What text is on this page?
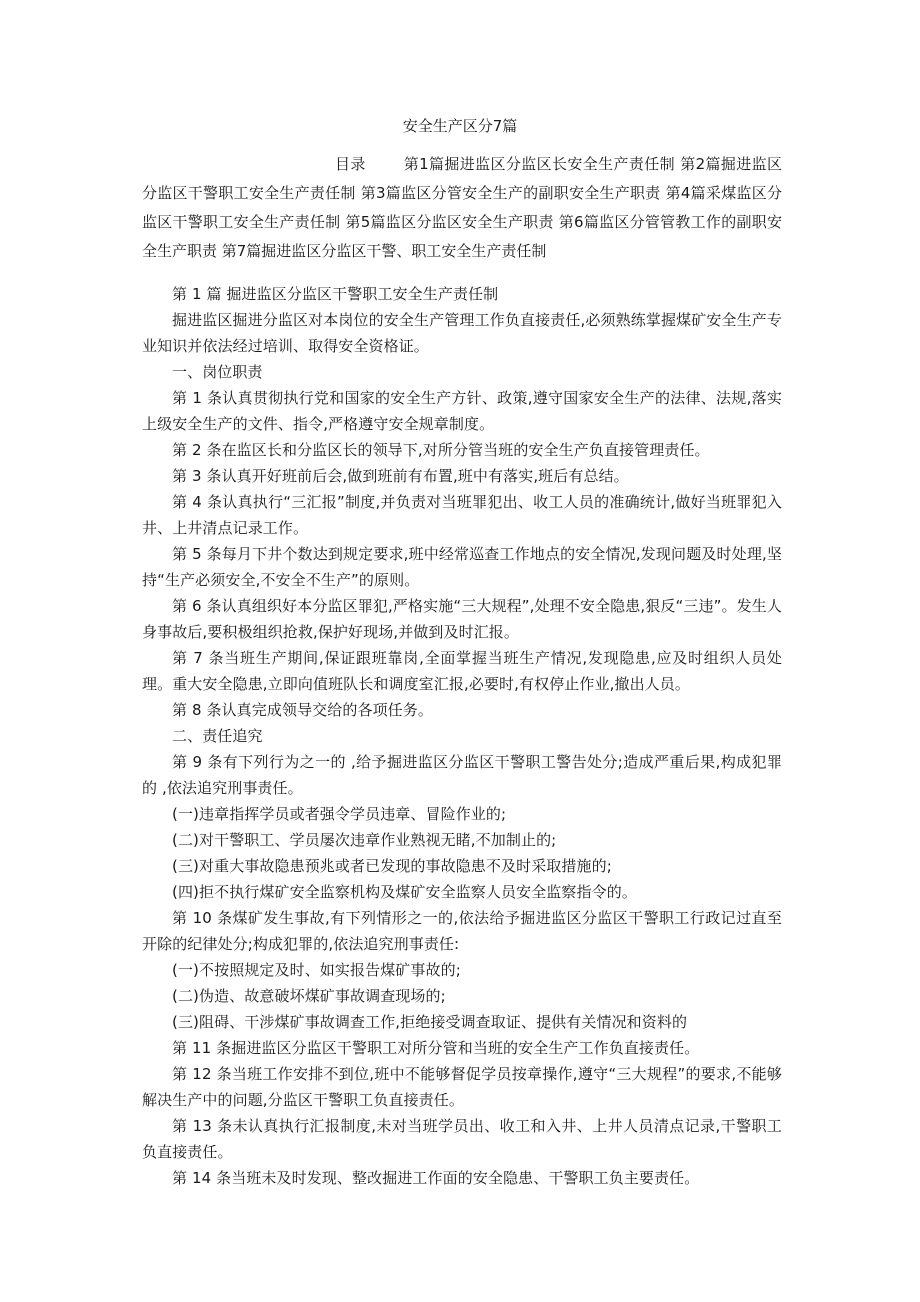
安全生产区分7篇
目录	第1篇掘进监区分监区长安全生产责任制 第2篇掘进监区分监区干警职工安全生产责任制 第3篇监区分管安全生产的副职安全生产职责 第4篇采煤监区分监区干警职工安全生产责任制 第5篇监区分监区安全生产职责 第6篇监区分管管教工作的副职安全生产职责 第7篇掘进监区分监区干警、职工安全生产责任制

第 1 篇 掘进监区分监区干警职工安全生产责任制

掘进监区掘进分监区对本岗位的安全生产管理工作负直接责任,必须熟练掌握煤矿安全生产专业知识并依法经过培训、取得安全资格证。

一、岗位职责

第 1 条认真贯彻执行党和国家的安全生产方针、政策,遵守国家安全生产的法律、法规,落实上级安全生产的文件、指令,严格遵守安全规章制度。

第 2 条在监区长和分监区长的领导下,对所分管当班的安全生产负直接管理责任。

第 3 条认真开好班前后会,做到班前有布置,班中有落实,班后有总结。

第 4 条认真执行“三汇报”制度,并负责对当班罪犯出、收工人员的准确统计,做好当班罪犯入井、上井清点记录工作。

第 5 条每月下井个数达到规定要求,班中经常巡查工作地点的安全情况,发现问题及时处理,坚持“生产必须安全,不安全不生产”的原则。

第 6 条认真组织好本分监区罪犯,严格实施“三大规程”,处理不安全隐患,狠反“三违”。发生人身事故后,要积极组织抢救,保护好现场,并做到及时汇报。

第 7 条当班生产期间,保证跟班靠岗,全面掌握当班生产情况,发现隐患,应及时组织人员处理。重大安全隐患,立即向值班队长和调度室汇报,必要时,有权停止作业,撤出人员。

第 8 条认真完成领导交给的各项任务。

二、责任追究

第 9 条有下列行为之一的 ,给予掘进监区分监区干警职工警告处分;造成严重后果,构成犯罪的 ,依法追究刑事责任。

(一)违章指挥学员或者强令学员违章、冒险作业的;

(二)对干警职工、学员屡次违章作业熟视无睹,不加制止的;

(三)对重大事故隐患预兆或者已发现的事故隐患不及时采取措施的;

(四)拒不执行煤矿安全监察机构及煤矿安全监察人员安全监察指令的。

第 10 条煤矿发生事故,有下列情形之一的,依法给予掘进监区分监区干警职工行政记过直至开除的纪律处分;构成犯罪的,依法追究刑事责任:

(一)不按照规定及时、如实报告煤矿事故的;

(二)伪造、故意破坏煤矿事故调查现场的;

(三)阻碍、干涉煤矿事故调查工作,拒绝接受调查取证、提供有关情况和资料的

第 11 条掘进监区分监区干警职工对所分管和当班的安全生产工作负直接责任。

第 12 条当班工作安排不到位,班中不能够督促学员按章操作,遵守“三大规程”的要求,不能够解决生产中的问题,分监区干警职工负直接责任。

第 13 条未认真执行汇报制度,未对当班学员出、收工和入井、上井人员清点记录,干警职工负直接责任。

第 14 条当班未及时发现、整改掘进工作面的安全隐患、干警职工负主要责任。
